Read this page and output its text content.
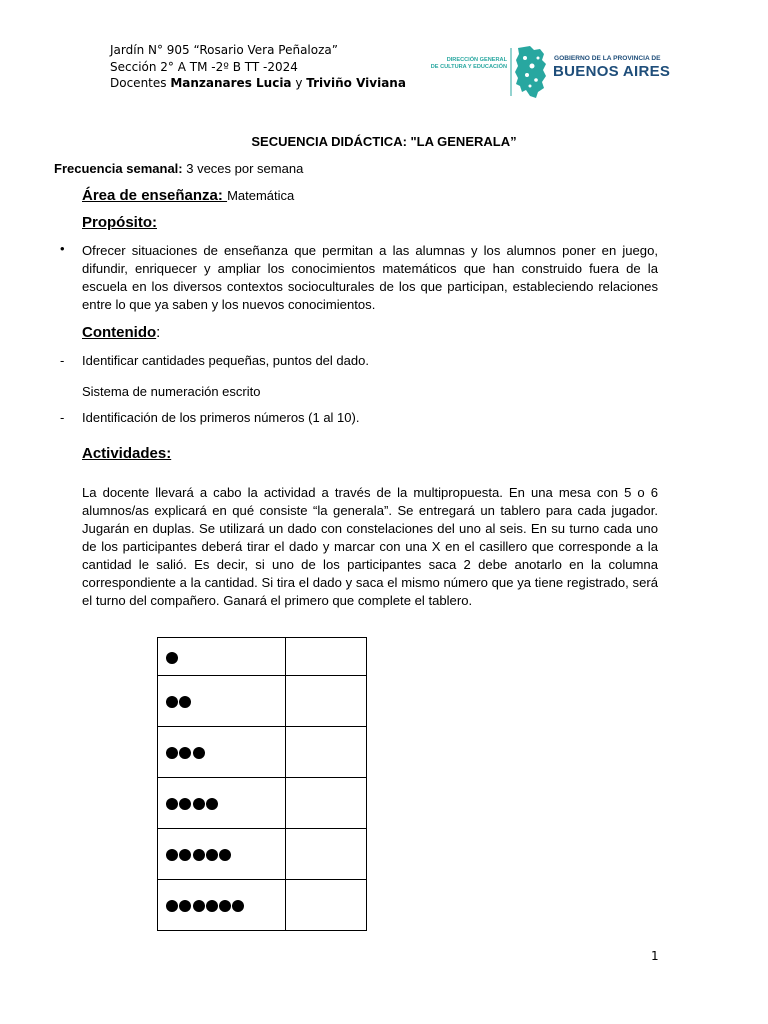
Jardín N° 905 “Rosario Vera Peñaloza”
Sección 2° A TM -2º B TT -2024
Docentes Manzanares Lucia y Triviño Viviana
DIRECCIÓN GENERAL
DE CULTURA Y EDUCACIÓN
GOBIERNO DE LA PROVINCIA DE
BUENOS AIRES
SECUENCIA DIDÁCTICA: "LA GENERALA”
Frecuencia semanal: 3 veces por semana
Área de enseñanza: Matemática
Propósito:
• Ofrecer situaciones de enseñanza que permitan a las alumnas y los alumnos poner en juego, difundir, enriquecer y ampliar los conocimientos matemáticos que han construido fuera de la escuela en los diversos contextos socioculturales de los que participan, estableciendo relaciones entre lo que ya saben y los nuevos conocimientos.
Contenido:
- Identificar cantidades pequeñas, puntos del dado.
Sistema de numeración escrito
- Identificación de los primeros números (1 al 10).
Actividades:
La docente llevará a cabo la actividad a través de la multipropuesta. En una mesa con 5 o 6 alumnos/as explicará en qué consiste “la generala”. Se entregará un tablero para cada jugador. Jugarán en duplas. Se utilizará un dado con constelaciones del uno al seis. En su turno cada uno de los participantes deberá tirar el dado y marcar con una X en el casillero que corresponde a la cantidad le salió. Es decir, si uno de los participantes saca 2 debe anotarlo en la columna correspondiente a la cantidad. Si tira el dado y saca el mismo número que ya tiene registrado, será el turno del compañero. Ganará el primero que complete el tablero.

1
